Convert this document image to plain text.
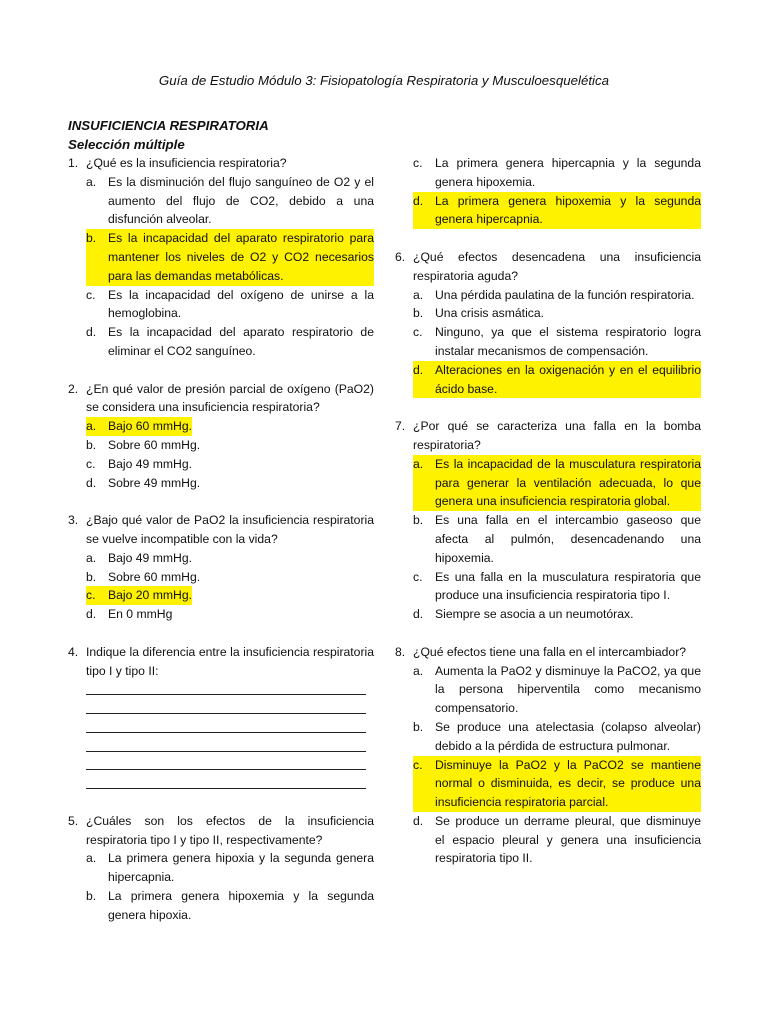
Guía de Estudio Módulo 3: Fisiopatología Respiratoria y Musculoesquelética

INSUFICIENCIA RESPIRATORIA

Selección múltiple

1. ¿Qué es la insuficiencia respiratoria?
a. Es la disminución del flujo sanguíneo de O2 y el aumento del flujo de CO2, debido a una disfunción alveolar.
b. Es la incapacidad del aparato respiratorio para mantener los niveles de O2 y CO2 necesarios para las demandas metabólicas.
c.	Es la incapacidad del oxígeno de unirse a la hemoglobina.
d. Es la incapacidad del aparato respiratorio de eliminar el CO2 sanguíneo.
2. ¿En qué valor de presión parcial de oxígeno (PaO2) se considera una insuficiencia respiratoria?
a. Bajo 60 mmHg.
b. Sobre 60 mmHg.
c.	Bajo 49 mmHg.
d. Sobre 49 mmHg.
3. ¿Bajo qué valor de PaO2 la insuficiencia respiratoria se vuelve incompatible con la vida?
a. Bajo 49 mmHg.
b. Sobre 60 mmHg.
c.	Bajo 20 mmHg.
d. En 0 mmHg
4. Indique la diferencia entre la insuficiencia respiratoria tipo I y tipo II:
5. ¿Cuáles son los efectos de la insuficiencia respiratoria tipo I y tipo II, respectivamente?
a. La primera genera hipoxia y la segunda genera hipercapnia.
b. La primera genera hipoxemia y la segunda genera hipoxia.
c.	La primera genera hipercapnia y la segunda genera hipoxemia.
d. La primera genera hipoxemia y la segunda genera hipercapnia.
6. ¿Qué efectos desencadena una insuficiencia respiratoria aguda?
a. Una pérdida paulatina de la función respiratoria.
b. Una crisis asmática.
c.	Ninguno, ya que el sistema respiratorio logra instalar mecanismos de compensación.
d. Alteraciones en la oxigenación y en el equilibrio ácido base.
7. ¿Por qué se caracteriza una falla en la bomba respiratoria?
a. Es la incapacidad de la musculatura respiratoria para generar la ventilación adecuada, lo que genera una insuficiencia respiratoria global.
b. Es una falla en el intercambio gaseoso que afecta al pulmón, desencadenando una hipoxemia.
c.	Es una falla en la musculatura respiratoria que produce una insuficiencia respiratoria tipo I.
d. Siempre se asocia a un neumotórax.
8. ¿Qué efectos tiene una falla en el intercambiador?
a. Aumenta la PaO2 y disminuye la PaCO2, ya que la persona hiperventila como mecanismo compensatorio.
b. Se produce una atelectasia (colapso alveolar) debido a la pérdida de estructura pulmonar.
c.	Disminuye la PaO2 y la PaCO2 se mantiene normal o disminuida, es decir, se produce una insuficiencia respiratoria parcial.
d. Se produce un derrame pleural, que disminuye el espacio pleural y genera una insuficiencia respiratoria tipo II.
